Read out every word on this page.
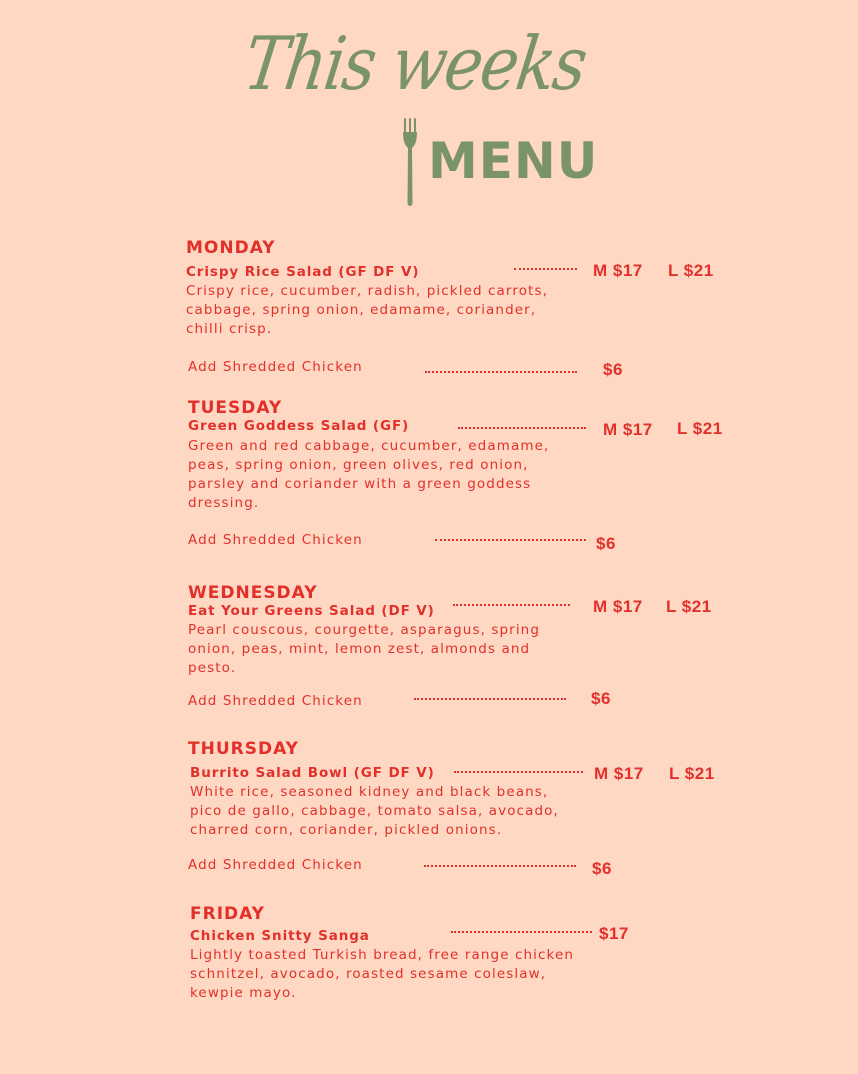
This weeks
MENU
MONDAY
Crispy Rice Salad (GF DF V)	M $17 L $21
Crispy rice, cucumber, radish, pickled carrots, cabbage, spring onion, edamame, coriander, chilli crisp.
Add Shredded Chicken	$6
TUESDAY
Green Goddess Salad (GF)	M $17 L $21
Green and red cabbage, cucumber, edamame, peas, spring onion, green olives, red onion, parsley and coriander with a green goddess dressing.
Add Shredded Chicken	$6
WEDNESDAY
Eat Your Greens Salad (DF V)	M $17 L $21
Pearl couscous, courgette, asparagus, spring onion, peas, mint, lemon zest, almonds and pesto.
Add Shredded Chicken	$6
THURSDAY
Burrito Salad Bowl (GF DF V)	M $17 L $21
White rice, seasoned kidney and black beans, pico de gallo, cabbage, tomato salsa, avocado, charred corn, coriander, pickled onions.
Add Shredded Chicken	$6
FRIDAY
Chicken Snitty Sanga	$17
Lightly toasted Turkish bread, free range chicken schnitzel, avocado, roasted sesame coleslaw, kewpie mayo.
